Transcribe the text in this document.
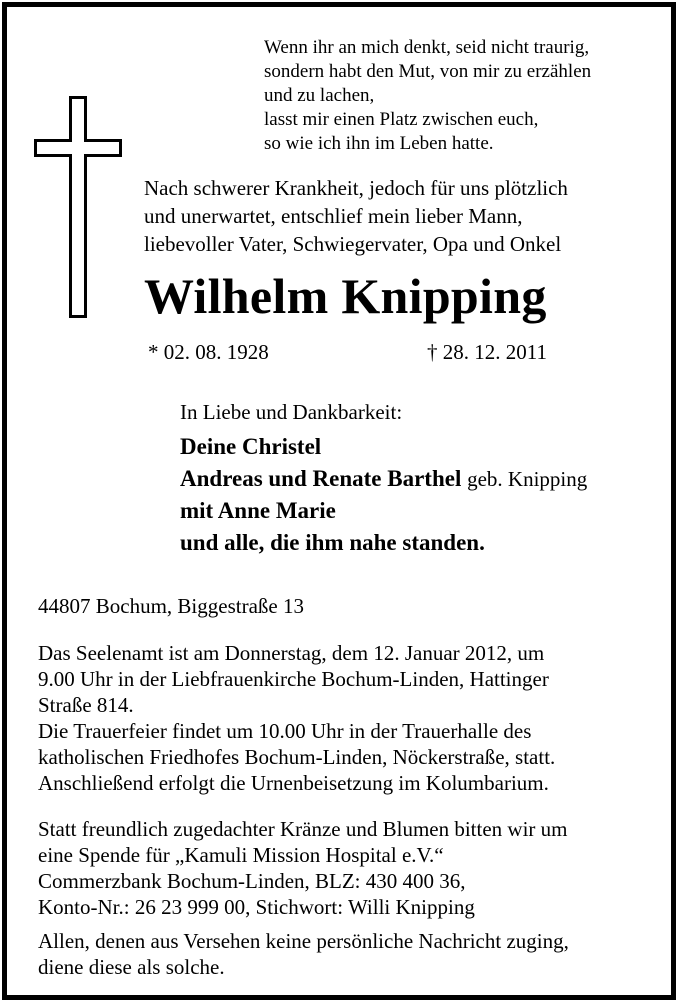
Wenn ihr an mich denkt, seid nicht traurig,
sondern habt den Mut, von mir zu erzählen
und zu lachen,
lasst mir einen Platz zwischen euch,
so wie ich ihn im Leben hatte.
Nach schwerer Krankheit, jedoch für uns plötzlich
und unerwartet, entschlief mein lieber Mann,
liebevoller Vater, Schwiegervater, Opa und Onkel
Wilhelm Knipping
* 02. 08. 1928	† 28. 12. 2011
In Liebe und Dankbarkeit:
Deine Christel
Andreas und Renate Barthel geb. Knipping
mit Anne Marie
und alle, die ihm nahe standen.
44807 Bochum, Biggestraße 13
Das Seelenamt ist am Donnerstag, dem 12. Januar 2012, um
9.00 Uhr in der Liebfrauenkirche Bochum-Linden, Hattinger
Straße 814.
Die Trauerfeier findet um 10.00 Uhr in der Trauerhalle des
katholischen Friedhofes Bochum-Linden, Nöckerstraße, statt.
Anschließend erfolgt die Urnenbeisetzung im Kolumbarium.
Statt freundlich zugedachter Kränze und Blumen bitten wir um
eine Spende für „Kamuli Mission Hospital e.V.“
Commerzbank Bochum-Linden, BLZ: 430 400 36,
Konto-Nr.: 26 23 999 00, Stichwort: Willi Knipping
Allen, denen aus Versehen keine persönliche Nachricht zuging,
diene diese als solche.
